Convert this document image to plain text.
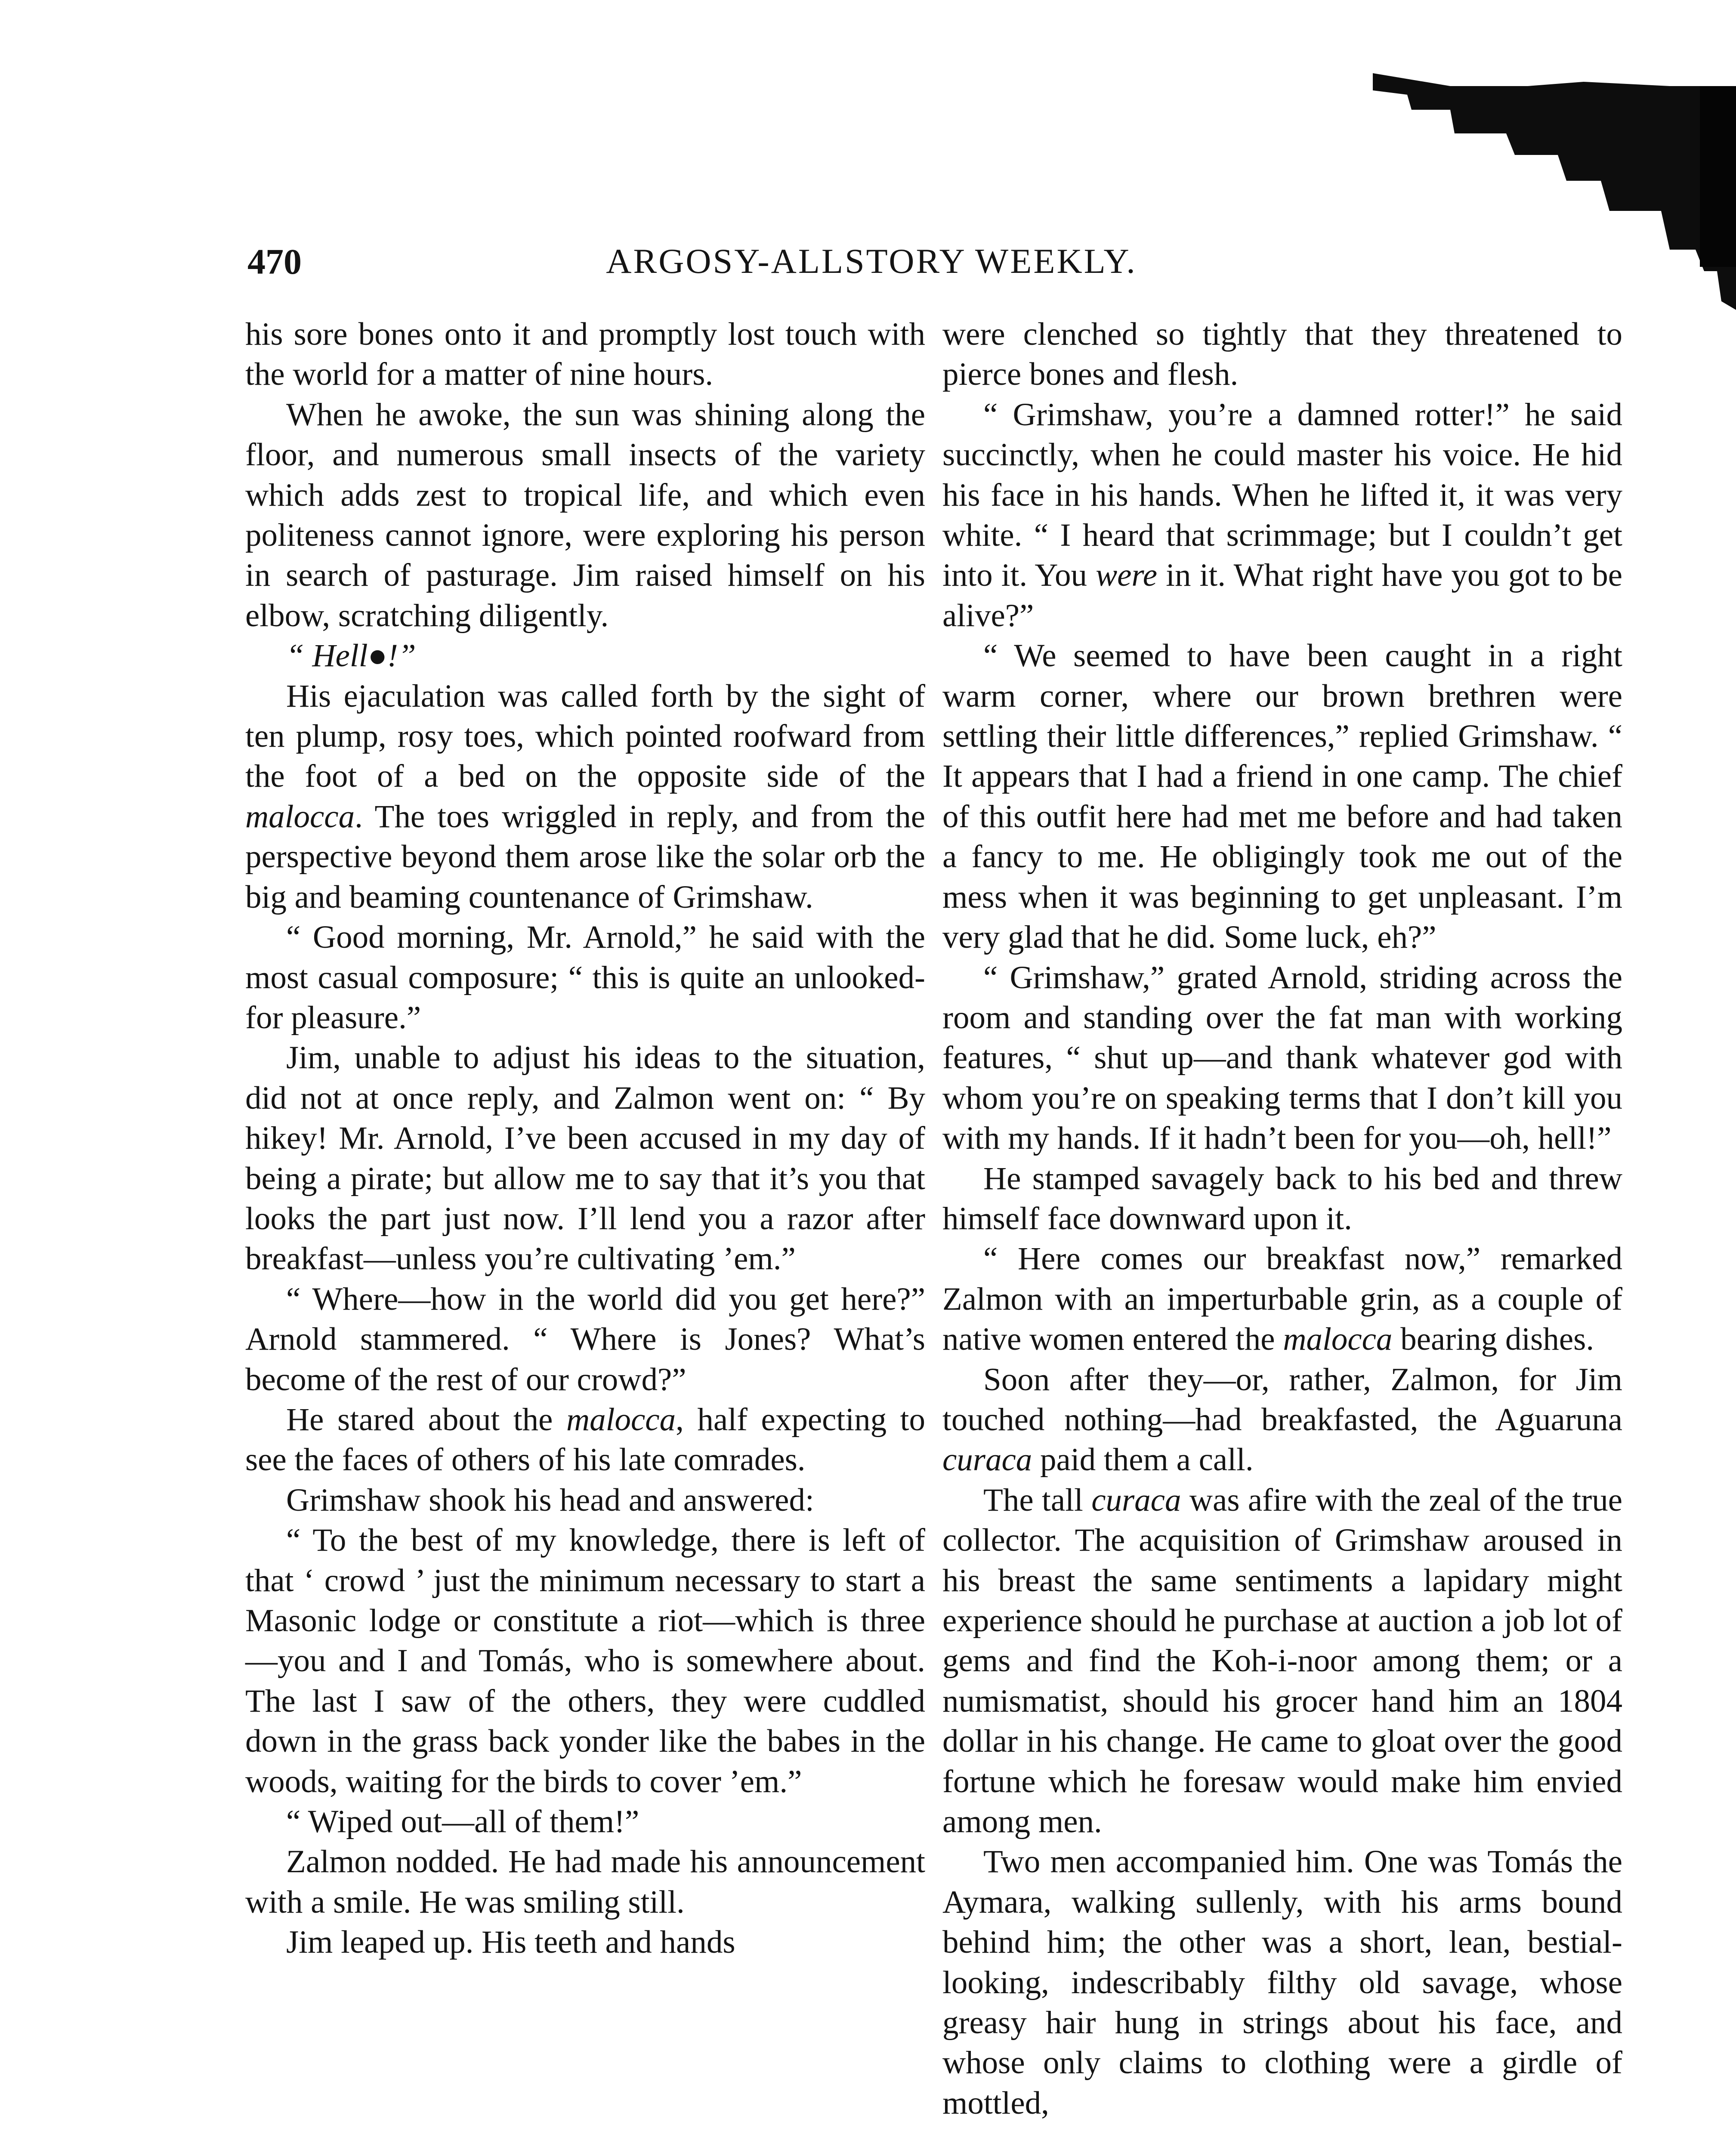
470	ARGOSY-ALLSTORY WEEKLY.

his sore bones onto it and promptly lost touch with the world for a matter of nine hours.

When he awoke, the sun was shining along the floor, and numerous small insects of the variety which adds zest to tropical life, and which even politeness cannot ignore, were exploring his person in search of pasturage. Jim raised himself on his elbow, scratching diligently.

“ Hell●!”

His ejaculation was called forth by the sight of ten plump, rosy toes, which pointed roofward from the foot of a bed on the opposite side of the malocca. The toes wriggled in reply, and from the perspective beyond them arose like the solar orb the big and beaming countenance of Grimshaw.

“ Good morning, Mr. Arnold,” he said with the most casual composure; “ this is quite an unlooked-for pleasure.”

Jim, unable to adjust his ideas to the situation, did not at once reply, and Zalmon went on: “ By hikey! Mr. Arnold, I’ve been accused in my day of being a pirate; but allow me to say that it’s you that looks the part just now. I’ll lend you a razor after breakfast—unless you’re cultivating ’em.”

“ Where—how in the world did you get here?” Arnold stammered. “ Where is Jones? What’s become of the rest of our crowd?”

He stared about the malocca, half expecting to see the faces of others of his late comrades.

Grimshaw shook his head and answered:

“ To the best of my knowledge, there is left of that ‘ crowd ’ just the minimum necessary to start a Masonic lodge or constitute a riot—which is three—you and I and Tomás, who is somewhere about. The last I saw of the others, they were cuddled down in the grass back yonder like the babes in the woods, waiting for the birds to cover ’em.”

“ Wiped out—all of them!”

Zalmon nodded. He had made his announcement with a smile. He was smiling still.

Jim leaped up. His teeth and hands

were clenched so tightly that they threatened to pierce bones and flesh.

“ Grimshaw, you’re a damned rotter!” he said succinctly, when he could master his voice. He hid his face in his hands. When he lifted it, it was very white. “ I heard that scrimmage; but I couldn’t get into it. You were in it. What right have you got to be alive?”

“ We seemed to have been caught in a right warm corner, where our brown brethren were settling their little differences,” replied Grimshaw. “ It appears that I had a friend in one camp. The chief of this outfit here had met me before and had taken a fancy to me. He obligingly took me out of the mess when it was beginning to get unpleasant. I’m very glad that he did. Some luck, eh?”

“ Grimshaw,” grated Arnold, striding across the room and standing over the fat man with working features, “ shut up—and thank whatever god with whom you’re on speaking terms that I don’t kill you with my hands. If it hadn’t been for you—oh, hell!”

He stamped savagely back to his bed and threw himself face downward upon it.

“ Here comes our breakfast now,” remarked Zalmon with an imperturbable grin, as a couple of native women entered the malocca bearing dishes.

Soon after they—or, rather, Zalmon, for Jim touched nothing—had breakfasted, the Aguaruna curaca paid them a call.

The tall curaca was afire with the zeal of the true collector. The acquisition of Grimshaw aroused in his breast the same sentiments a lapidary might experience should he purchase at auction a job lot of gems and find the Koh-i-noor among them; or a numismatist, should his grocer hand him an 1804 dollar in his change. He came to gloat over the good fortune which he foresaw would make him envied among men.

Two men accompanied him. One was Tomás the Aymara, walking sullenly, with his arms bound behind him; the other was a short, lean, bestial-looking, indescribably filthy old savage, whose greasy hair hung in strings about his face, and whose only claims to clothing were a girdle of mottled,
